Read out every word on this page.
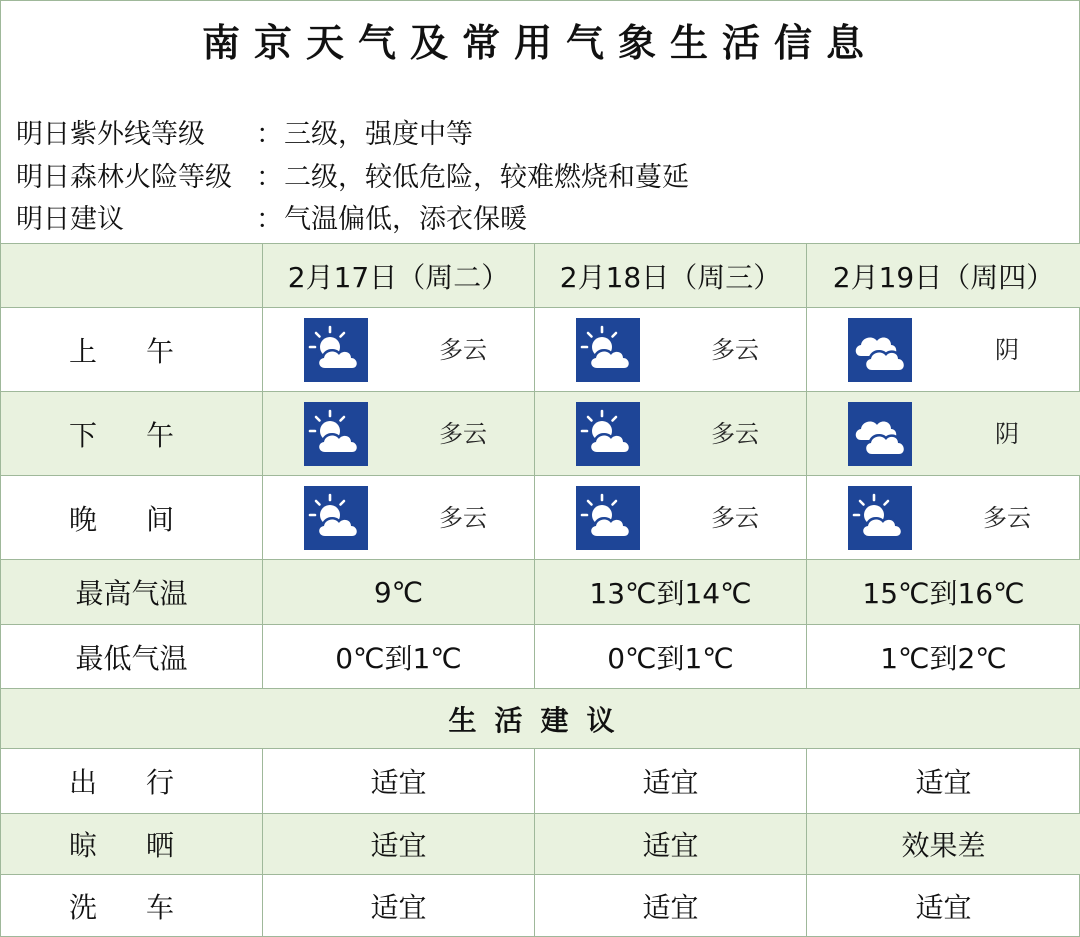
南京天气及常用气象生活信息
明日紫外线等级 ： 三级，强度中等
明日森林火险等级 ： 二级，较低危险，较难燃烧和蔓延
明日建议	： 气温偏低，添衣保暖
	2月17日（周二）	2月18日（周三）	2月19日（周四）
上 午	多云	多云	阴

下 午	多云	多云	阴

晚 间	多云	多云	多云

最高气温	9℃	13℃到14℃	15℃到16℃
最低气温	0℃到1℃	0℃到1℃	1℃到2℃
生活建议			
出 行	适宜	适宜	适宜
晾 晒	适宜	适宜	效果差
洗 车	适宜	适宜	适宜
